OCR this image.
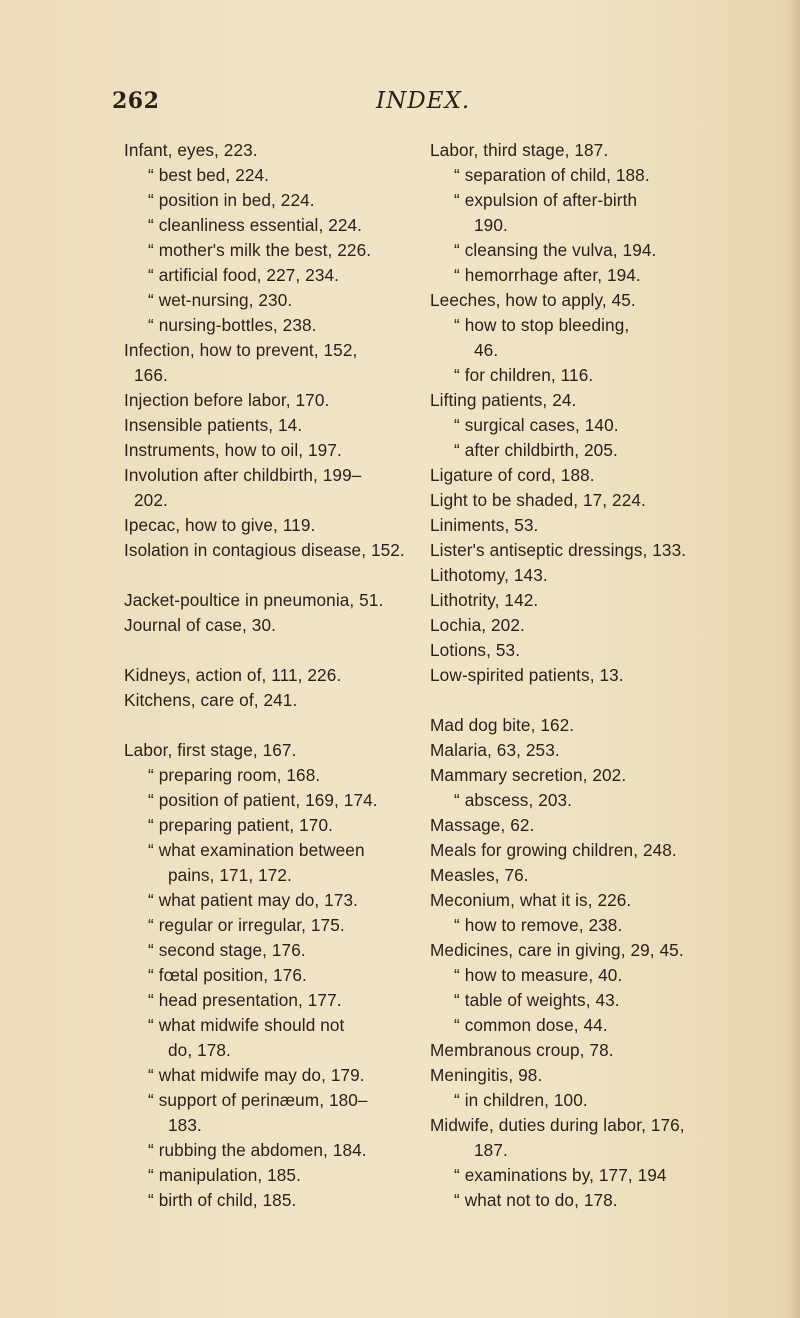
262	INDEX.
Infant, eyes, 223.
“ best bed, 224.
“ position in bed, 224.
“ cleanliness essential, 224.
“ mother's milk the best, 226.
“ artificial food, 227, 234.
“ wet-nursing, 230.
“ nursing-bottles, 238.
Infection, how to prevent, 152,
166.
Injection before labor, 170.
Insensible patients, 14.
Instruments, how to oil, 197.
Involution after childbirth, 199–
202.
Ipecac, how to give, 119.
Isolation in contagious disease, 152.
Jacket-poultice in pneumonia, 51.
Journal of case, 30.
Kidneys, action of, 111, 226.
Kitchens, care of, 241.
Labor, first stage, 167.
“ preparing room, 168.
“ position of patient, 169, 174.
“ preparing patient, 170.
“ what examination between
pains, 171, 172.
“ what patient may do, 173.
“ regular or irregular, 175.
“ second stage, 176.
“ fœtal position, 176.
“ head presentation, 177.
“ what midwife should not
do, 178.
“ what midwife may do, 179.
“ support of perinæum, 180–
183.
“ rubbing the abdomen, 184.
“ manipulation, 185.
“ birth of child, 185.
Labor, third stage, 187.
“ separation of child, 188.
“ expulsion of after-birth
190.
“ cleansing the vulva, 194.
“ hemorrhage after, 194.
Leeches, how to apply, 45.
“ how to stop bleeding,
46.
“ for children, 116.
Lifting patients, 24.
“ surgical cases, 140.
“ after childbirth, 205.
Ligature of cord, 188.
Light to be shaded, 17, 224.
Liniments, 53.
Lister's antiseptic dressings, 133.
Lithotomy, 143.
Lithotrity, 142.
Lochia, 202.
Lotions, 53.
Low-spirited patients, 13.
Mad dog bite, 162.
Malaria, 63, 253.
Mammary secretion, 202.
“ abscess, 203.
Massage, 62.
Meals for growing children, 248.
Measles, 76.
Meconium, what it is, 226.
“ how to remove, 238.
Medicines, care in giving, 29, 45.
“ how to measure, 40.
“ table of weights, 43.
“ common dose, 44.
Membranous croup, 78.
Meningitis, 98.
“ in children, 100.
Midwife, duties during labor, 176,
187.
“ examinations by, 177, 194
“ what not to do, 178.
